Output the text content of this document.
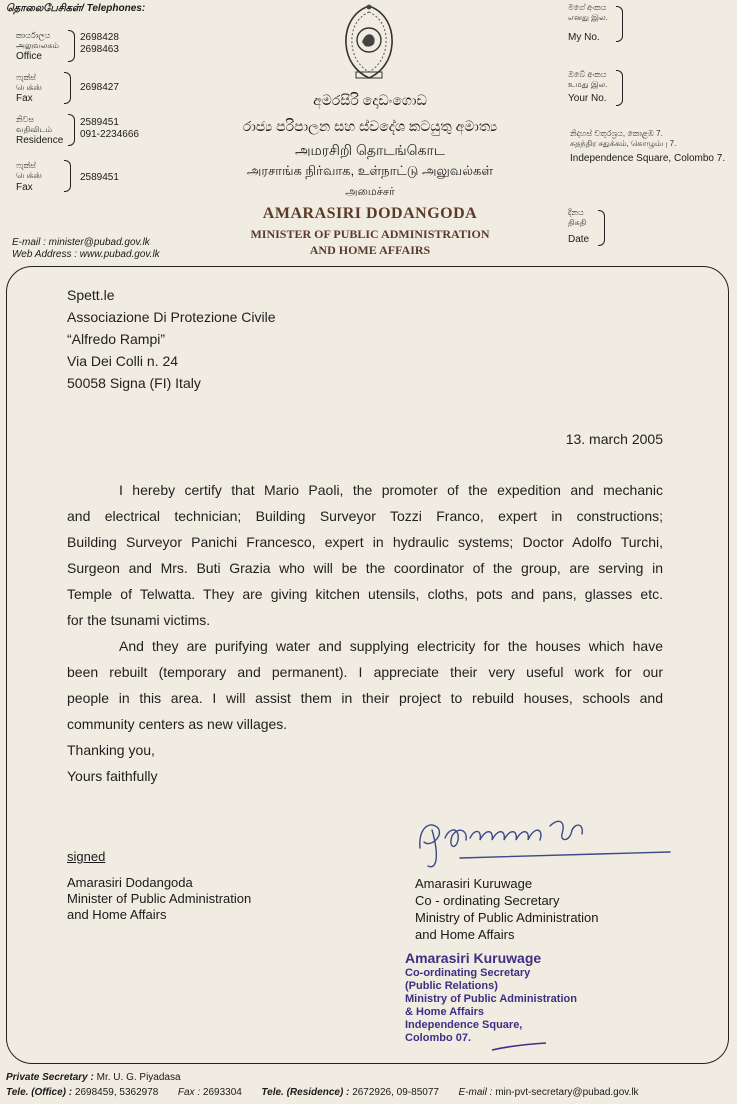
தொலைபேசிகள்/ Telephones:
කාර්යාලය
அலுவலகம்
Office
2698428
2698463
ෆැක්ස්
பெக்ஸ்
Fax
2698427
නිවස
வதிவிடம்
Residence
2589451
091-2234666
ෆැක්ස්
பெக்ஸ்
Fax
2589451
E-mail : minister@pubad.gov.lk
Web Address : www.pubad.gov.lk
අමරසිරි දොඩංගොඩ
රාජ්‍ය පරිපාලන සහ ස්වදේශ කටයුතු අමාත්‍ය
அமரசிறி தொடங்கொட
அரசாங்க நிர்வாக, உள்நாட்டு அலுவல்கள்
அமைச்சர்
AMARASIRI DODANGODA
MINISTER OF PUBLIC ADMINISTRATION
AND HOME AFFAIRS
මගේ අංකය
எனது இல.
My No.
ඔබේ අංකය
உமது இல.
Your No.
නිදහස් චතුරශ්‍රය, කොළඹ 7.
சுதந்திர சதுக்கம், கொழும்பு 7.
Independence Square, Colombo 7.
දිනය
திகதி
Date
Spett.le
Associazione Di Protezione Civile
“Alfredo Rampi”
Via Dei Colli n. 24
50058 Signa (FI) Italy
13. march 2005
I hereby certify that Mario Paoli, the promoter of the expedition and mechanic
and electrical technician; Building Surveyor Tozzi Franco, expert in constructions;
Building Surveyor Panichi Francesco, expert in hydraulic systems; Doctor Adolfo Turchi,
Surgeon and Mrs. Buti Grazia who will be the coordinator of the group, are serving in
Temple of Telwatta. They are giving kitchen utensils, cloths, pots and pans, glasses etc.
for the tsunami victims.
And they are purifying water and supplying electricity for the houses which have
been rebuilt (temporary and permanent). I appreciate their very useful work for our
people in this area. I will assist them in their project to rebuild houses, schools and
community centers as new villages.
Thanking you,
Yours faithfully
signed
Amarasiri Dodangoda
Minister of Public Administration
and Home Affairs
Amarasiri Kuruwage
Co - ordinating Secretary
Ministry of Public Administration
and Home Affairs
Amarasiri Kuruwage
Co-ordinating Secretary
(Public Relations)
Ministry of Public Administration
& Home Affairs
Independence Square,
Colombo 07.
Private Secretary : Mr. U. G. Piyadasa
Tele. (Office) : 2698459, 5362978 Fax : 2693304 Tele. (Residence) : 2672926, 09-85077 E-mail : min-pvt-secretary@pubad.gov.lk
